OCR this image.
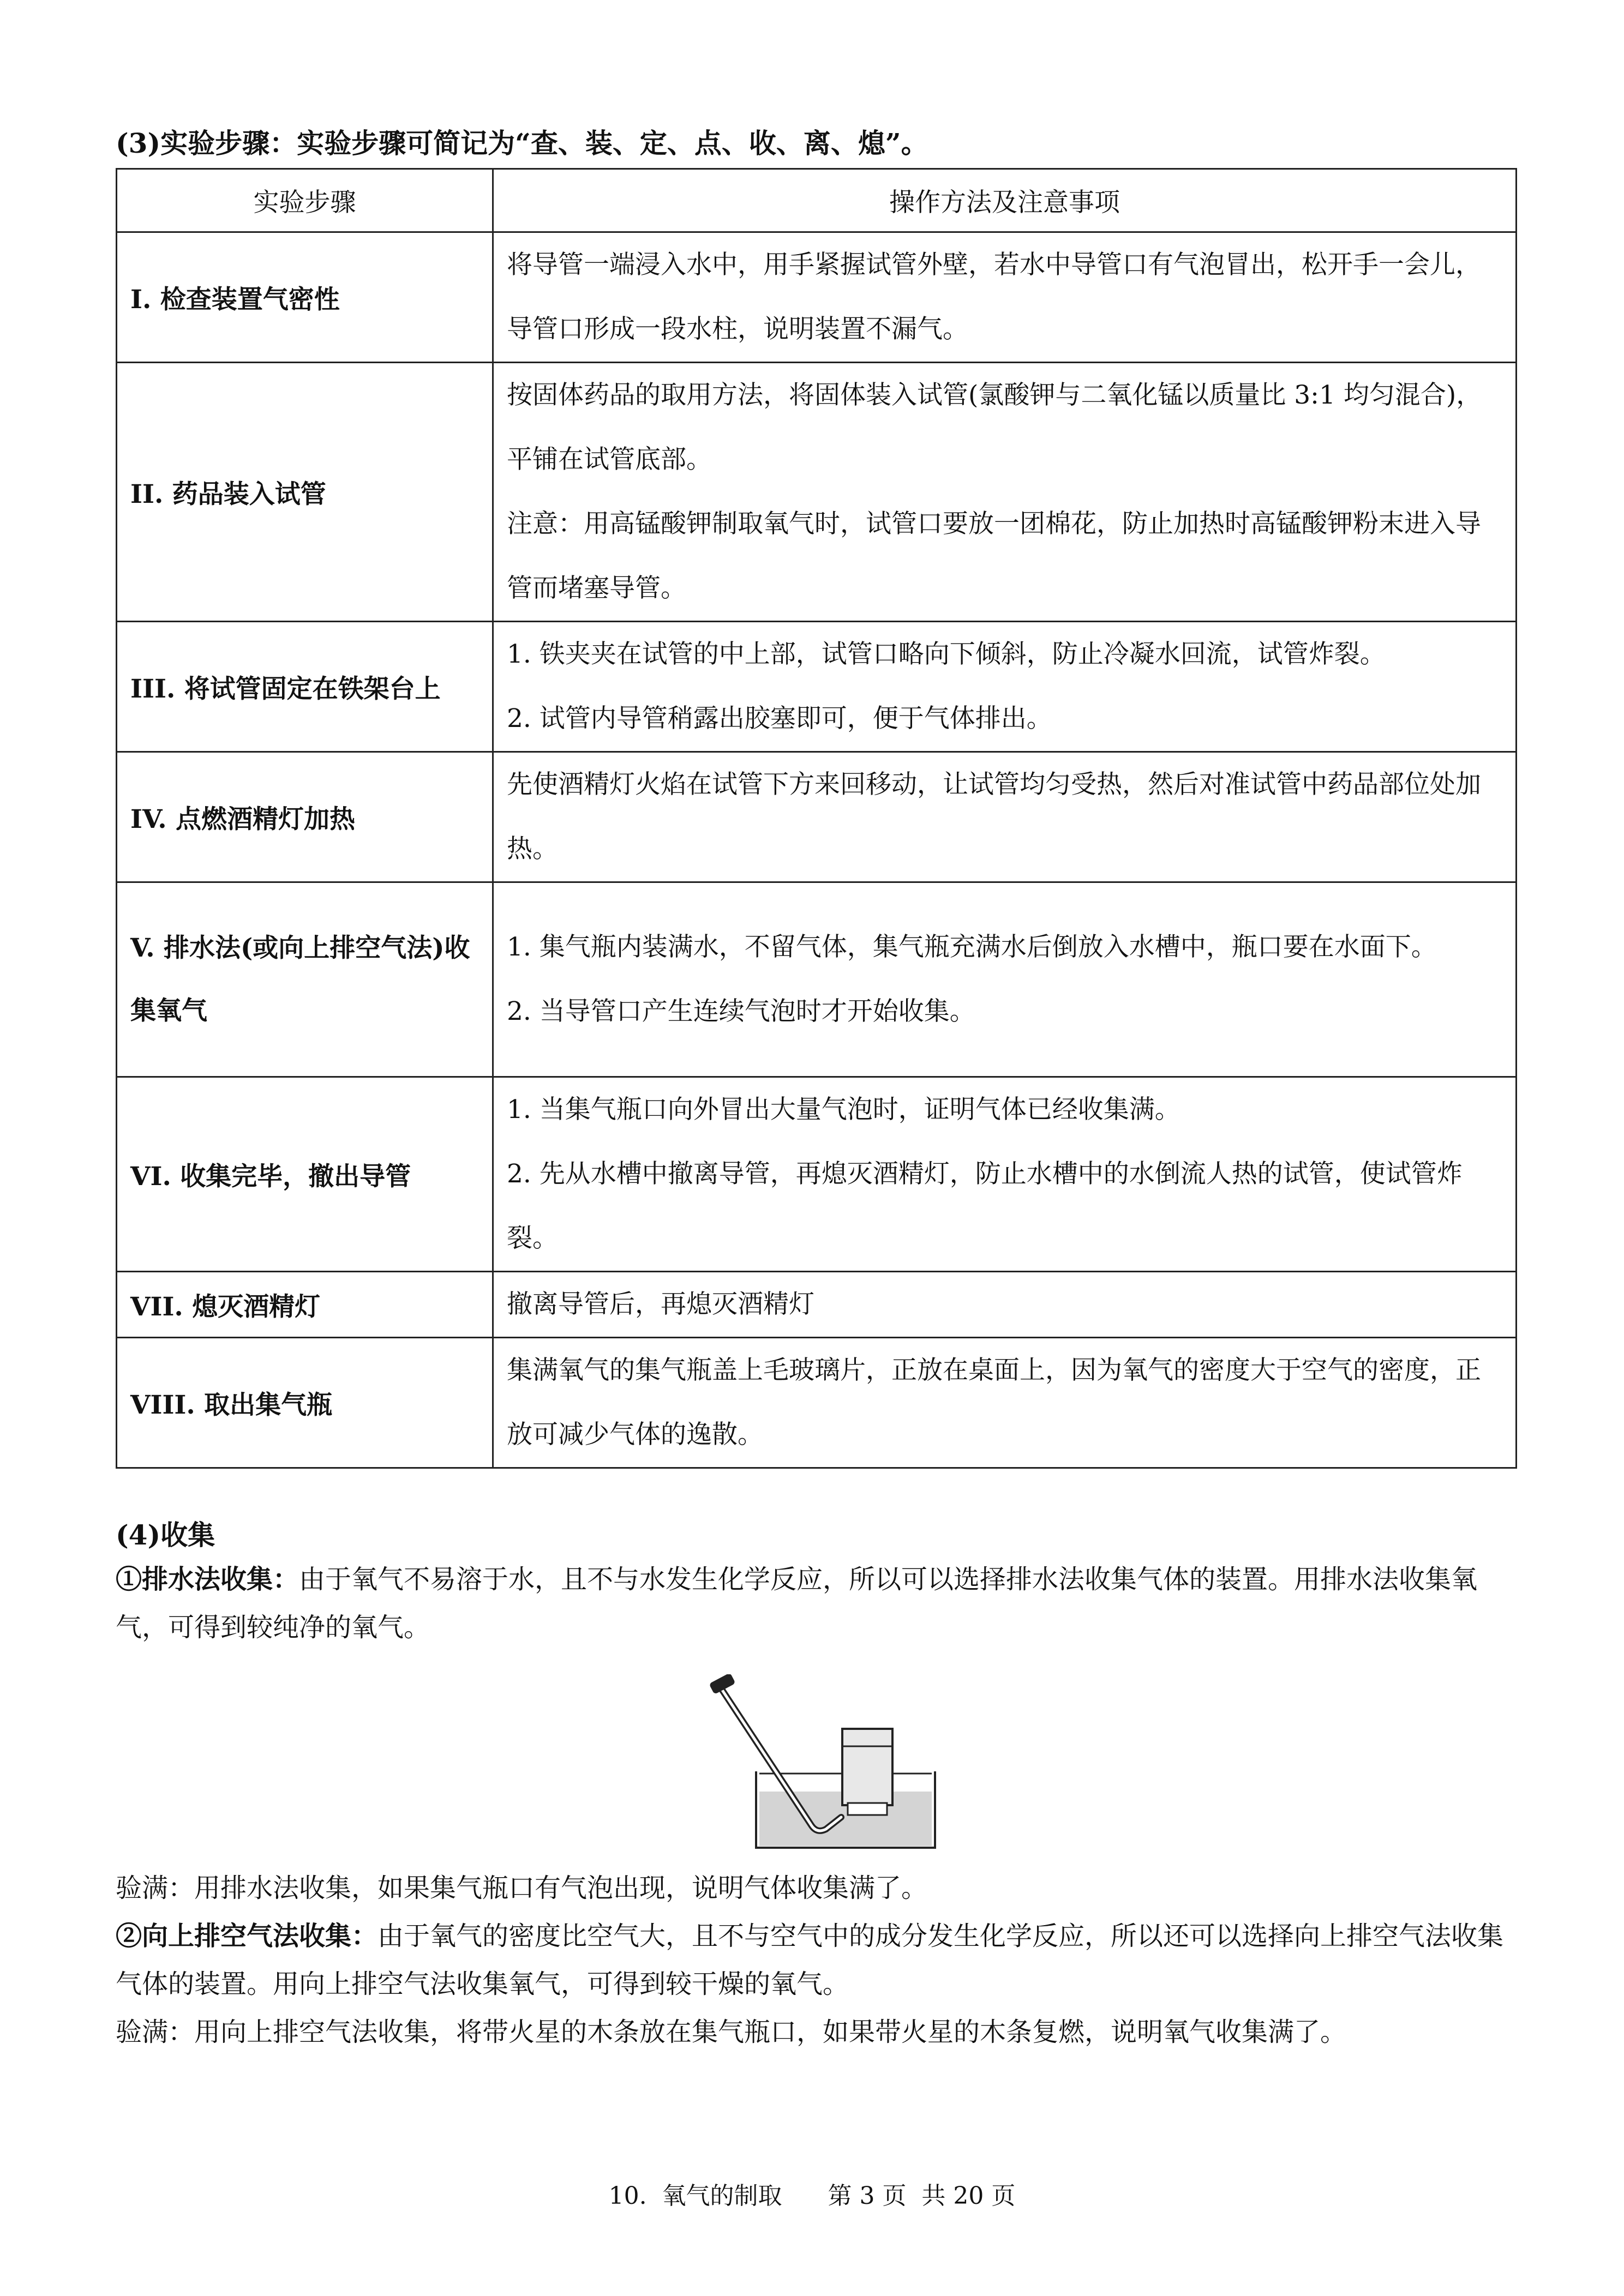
(3)实验步骤：实验步骤可简记为“查、装、定、点、收、离、熄”。
实验步骤	操作方法及注意事项
I. 检查装置气密性	将导管一端浸入水中，用手紧握试管外壁，若水中导管口有气泡冒出，松开手一会儿，导管口形成一段水柱，说明装置不漏气。

II. 药品装入试管	按固体药品的取用方法，将固体装入试管(氯酸钾与二氧化锰以质量比 3:1 均匀混合)，平铺在试管底部。

注意：用高锰酸钾制取氧气时，试管口要放一团棉花，防止加热时高锰酸钾粉末进入导管而堵塞导管。

III. 将试管固定在铁架台上	1. 铁夹夹在试管的中上部，试管口略向下倾斜，防止冷凝水回流，试管炸裂。

2. 试管内导管稍露出胶塞即可，便于气体排出。

IV. 点燃酒精灯加热	先使酒精灯火焰在试管下方来回移动，让试管均匀受热，然后对准试管中药品部位处加热。

V. 排水法(或向上排空气法)收集氧气	1. 集气瓶内装满水，不留气体，集气瓶充满水后倒放入水槽中，瓶口要在水面下。

2. 当导管口产生连续气泡时才开始收集。

VI. 收集完毕，撤出导管	1. 当集气瓶口向外冒出大量气泡时，证明气体已经收集满。

2. 先从水槽中撤离导管，再熄灭酒精灯，防止水槽中的水倒流人热的试管，使试管炸裂。

VII. 熄灭酒精灯	撤离导管后，再熄灭酒精灯

VIII. 取出集气瓶	集满氧气的集气瓶盖上毛玻璃片，正放在桌面上，因为氧气的密度大于空气的密度，正放可减少气体的逸散。

(4)收集
①排水法收集：由于氧气不易溶于水，且不与水发生化学反应，所以可以选择排水法收集气体的装置。用排水法收集氧气，可得到较纯净的氧气。
验满：用排水法收集，如果集气瓶口有气泡出现，说明气体收集满了。
②向上排空气法收集：由于氧气的密度比空气大，且不与空气中的成分发生化学反应，所以还可以选择向上排空气法收集气体的装置。用向上排空气法收集氧气，可得到较干燥的氧气。
验满：用向上排空气法收集，将带火星的木条放在集气瓶口，如果带火星的木条复燃，说明氧气收集满了。
10.  氧气的制取      第 3 页  共 20 页
